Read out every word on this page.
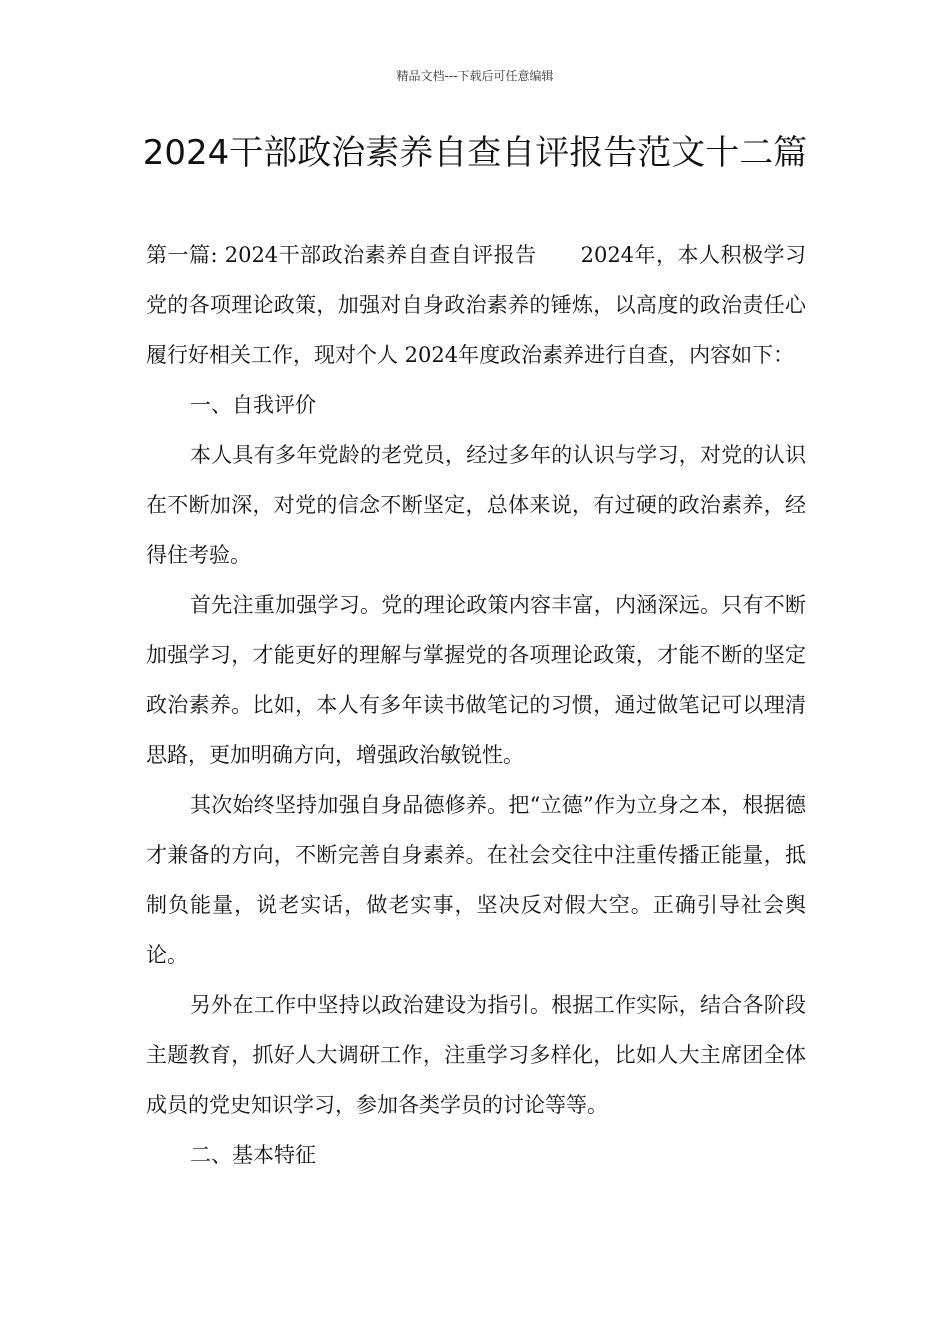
精品文档---下载后可任意编辑
2024干部政治素养自查自评报告范文十二篇

第一篇: 2024干部政治素养自查自评报告 2024年，本人积极学习党的各项理论政策，加强对自身政治素养的锤炼，以高度的政治责任心履行好相关工作，现对个人 2024年度政治素养进行自查，内容如下：

一、自我评价

本人具有多年党龄的老党员，经过多年的认识与学习，对党的认识在不断加深，对党的信念不断坚定，总体来说，有过硬的政治素养，经得住考验。

首先注重加强学习。党的理论政策内容丰富，内涵深远。只有不断加强学习，才能更好的理解与掌握党的各项理论政策，才能不断的坚定政治素养。比如，本人有多年读书做笔记的习惯，通过做笔记可以理清思路，更加明确方向，增强政治敏锐性。

其次始终坚持加强自身品德修养。把“立德”作为立身之本，根据德才兼备的方向，不断完善自身素养。在社会交往中注重传播正能量，抵制负能量，说老实话，做老实事，坚决反对假大空。正确引导社会舆论。

另外在工作中坚持以政治建设为指引。根据工作实际，结合各阶段主题教育，抓好人大调研工作，注重学习多样化，比如人大主席团全体成员的党史知识学习，参加各类学员的讨论等等。

二、基本特征
